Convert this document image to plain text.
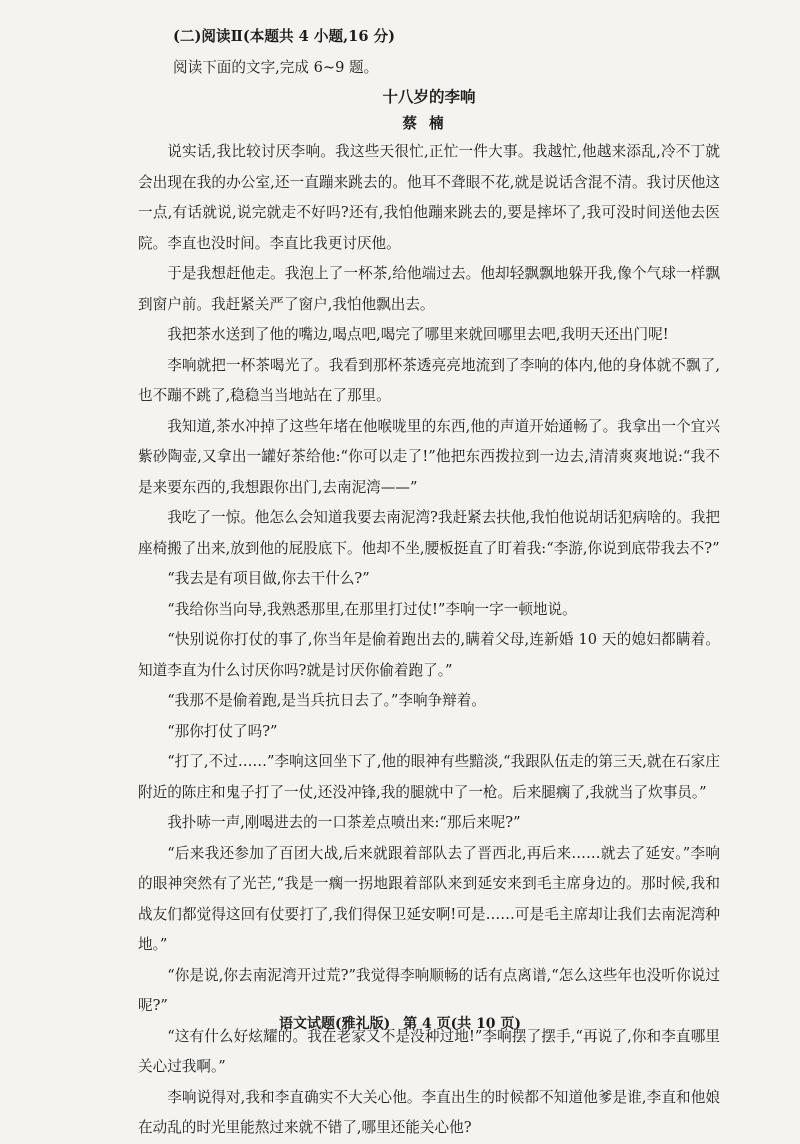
(二)阅读Ⅱ(本题共 4 小题,16 分)

阅读下面的文字,完成 6~9 题。

十八岁的李响

蔡楠

说实话,我比较讨厌李响。我这些天很忙,正忙一件大事。我越忙,他越来添乱,冷不丁就会出现在我的办公室,还一直蹦来跳去的。他耳不聋眼不花,就是说话含混不清。我讨厌他这一点,有话就说,说完就走不好吗?还有,我怕他蹦来跳去的,要是摔坏了,我可没时间送他去医院。李直也没时间。李直比我更讨厌他。

于是我想赶他走。我泡上了一杯茶,给他端过去。他却轻飘飘地躲开我,像个气球一样飘到窗户前。我赶紧关严了窗户,我怕他飘出去。

我把茶水送到了他的嘴边,喝点吧,喝完了哪里来就回哪里去吧,我明天还出门呢!

李响就把一杯茶喝光了。我看到那杯茶透亮亮地流到了李响的体内,他的身体就不飘了,也不蹦不跳了,稳稳当当地站在了那里。

我知道,茶水冲掉了这些年堵在他喉咙里的东西,他的声道开始通畅了。我拿出一个宜兴紫砂陶壶,又拿出一罐好茶给他:“你可以走了!”他把东西拨拉到一边去,清清爽爽地说:“我不是来要东西的,我想跟你出门,去南泥湾——”

我吃了一惊。他怎么会知道我要去南泥湾?我赶紧去扶他,我怕他说胡话犯病啥的。我把座椅搬了出来,放到他的屁股底下。他却不坐,腰板挺直了盯着我:“李游,你说到底带我去不?”

“我去是有项目做,你去干什么?”

“我给你当向导,我熟悉那里,在那里打过仗!”李响一字一顿地说。

“快别说你打仗的事了,你当年是偷着跑出去的,瞒着父母,连新婚 10 天的媳妇都瞒着。知道李直为什么讨厌你吗?就是讨厌你偷着跑了。”

“我那不是偷着跑,是当兵抗日去了。”李响争辩着。

“那你打仗了吗?”

“打了,不过……”李响这回坐下了,他的眼神有些黯淡,“我跟队伍走的第三天,就在石家庄附近的陈庄和鬼子打了一仗,还没冲锋,我的腿就中了一枪。后来腿瘸了,我就当了炊事员。”

我扑哧一声,刚喝进去的一口茶差点喷出来:“那后来呢?”

“后来我还参加了百团大战,后来就跟着部队去了晋西北,再后来……就去了延安。”李响的眼神突然有了光芒,“我是一瘸一拐地跟着部队来到延安来到毛主席身边的。那时候,我和战友们都觉得这回有仗要打了,我们得保卫延安啊!可是……可是毛主席却让我们去南泥湾种地。”

“你是说,你去南泥湾开过荒?”我觉得李响顺畅的话有点离谱,“怎么这些年也没听你说过呢?”

“这有什么好炫耀的。我在老家又不是没种过地!”李响摆了摆手,“再说了,你和李直哪里关心过我啊。”

李响说得对,我和李直确实不大关心他。李直出生的时候都不知道他爹是谁,李直和他娘在动乱的时光里能熬过来就不错了,哪里还能关心他?

语文试题(雅礼版) 第 4 页(共 10 页)
